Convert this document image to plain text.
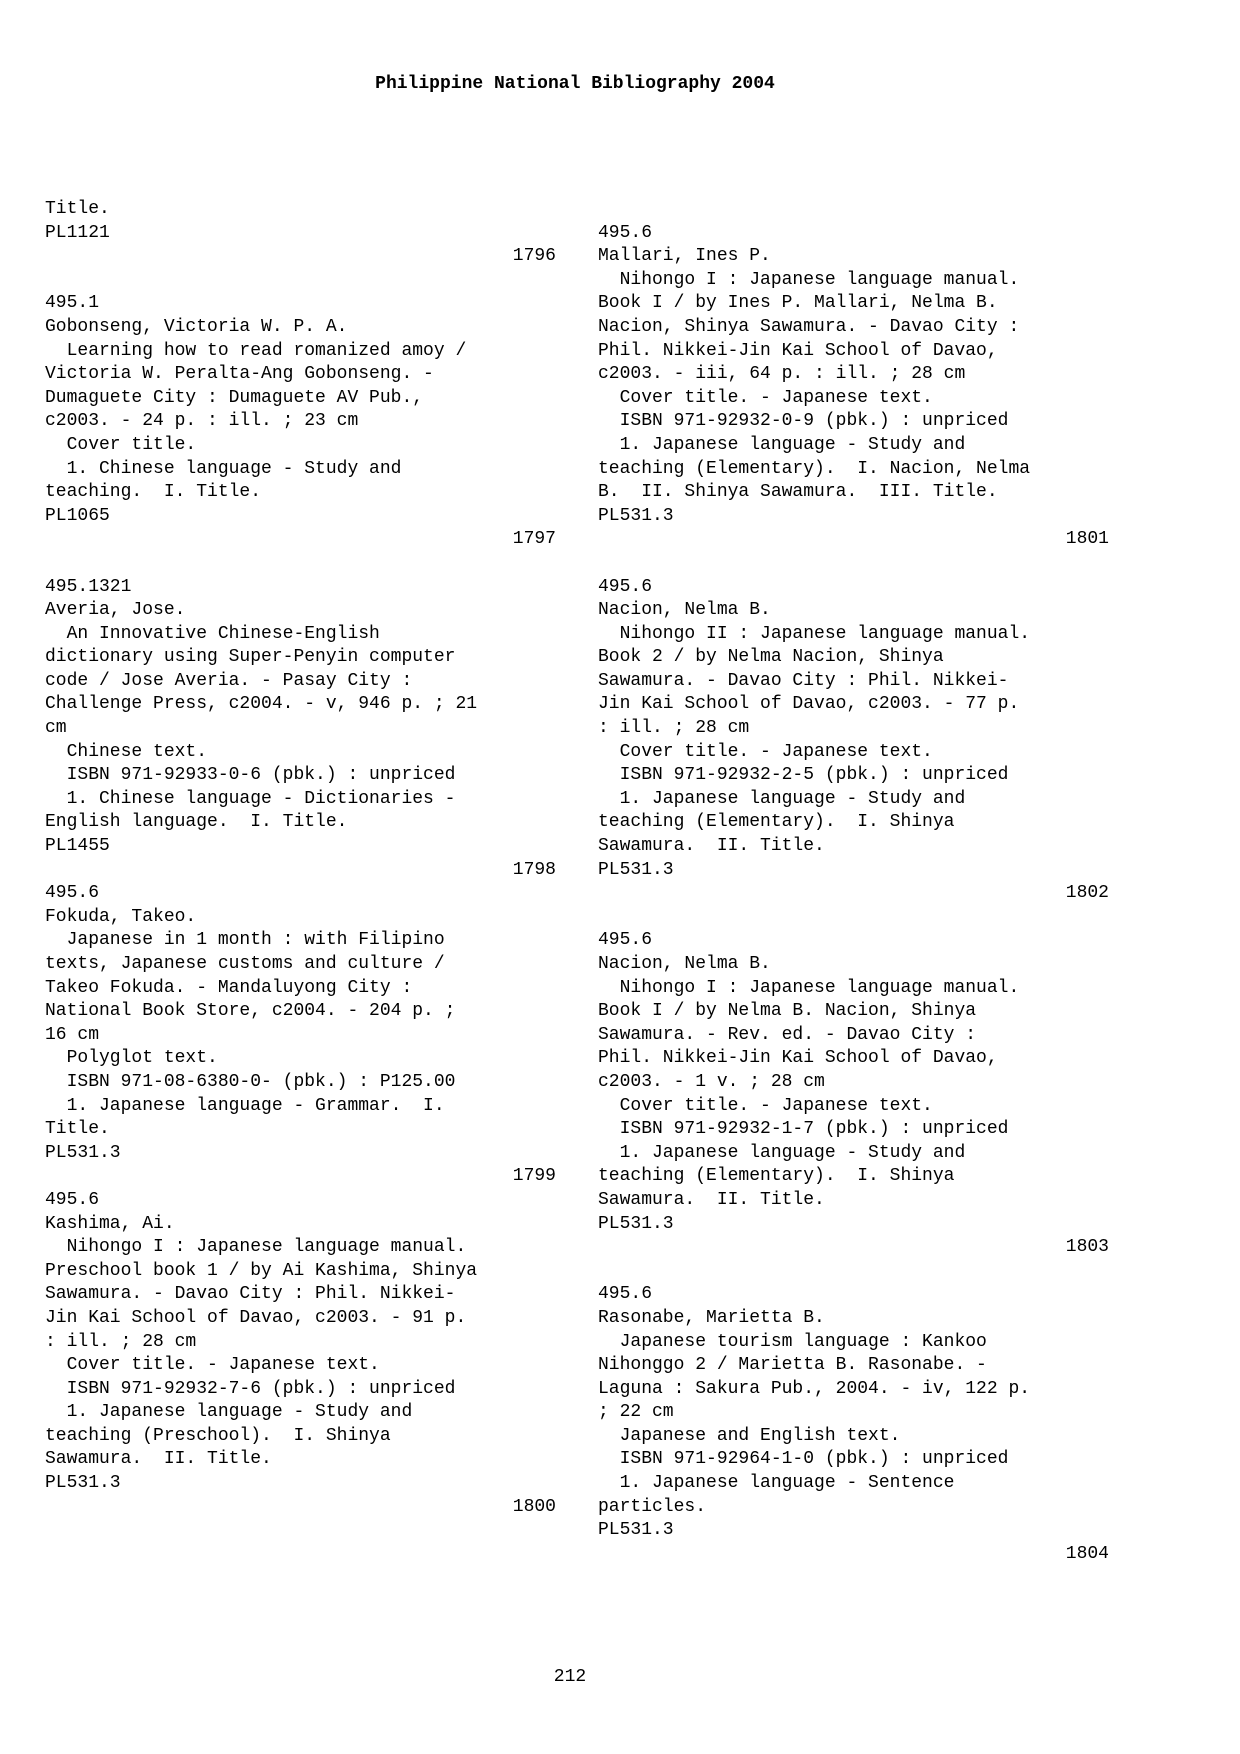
Philippine National Bibliography 2004
Title.
PL1121
1796
495.1
Gobonseng, Victoria W. P. A.
Learning how to read romanized amoy /
Victoria W. Peralta-Ang Gobonseng. -
Dumaguete City : Dumaguete AV Pub.,
c2003. - 24 p. : ill. ; 23 cm
Cover title.
1. Chinese language - Study and
teaching.  I. Title.
PL1065
1797
495.1321
Averia, Jose.
An Innovative Chinese-English
dictionary using Super-Penyin computer
code / Jose Averia. - Pasay City :
Challenge Press, c2004. - v, 946 p. ; 21
cm
Chinese text.
ISBN 971-92933-0-6 (pbk.) : unpriced
1. Chinese language - Dictionaries -
English language.  I. Title.
PL1455
1798
495.6
Fokuda, Takeo.
Japanese in 1 month : with Filipino
texts, Japanese customs and culture /
Takeo Fokuda. - Mandaluyong City :
National Book Store, c2004. - 204 p. ;
16 cm
Polyglot text.
ISBN 971-08-6380-0- (pbk.) : P125.00
1. Japanese language - Grammar.  I.
Title.
PL531.3
1799
495.6
Kashima, Ai.
Nihongo I : Japanese language manual.
Preschool book 1 / by Ai Kashima, Shinya
Sawamura. - Davao City : Phil. Nikkei-
Jin Kai School of Davao, c2003. - 91 p.
: ill. ; 28 cm
Cover title. - Japanese text.
ISBN 971-92932-7-6 (pbk.) : unpriced
1. Japanese language - Study and
teaching (Preschool).  I. Shinya
Sawamura.  II. Title.
PL531.3
1800
495.6
Mallari, Ines P.
Nihongo I : Japanese language manual.
Book I / by Ines P. Mallari, Nelma B.
Nacion, Shinya Sawamura. - Davao City :
Phil. Nikkei-Jin Kai School of Davao,
c2003. - iii, 64 p. : ill. ; 28 cm
Cover title. - Japanese text.
ISBN 971-92932-0-9 (pbk.) : unpriced
1. Japanese language - Study and
teaching (Elementary).  I. Nacion, Nelma
B.  II. Shinya Sawamura.  III. Title.
PL531.3
1801
495.6
Nacion, Nelma B.
Nihongo II : Japanese language manual.
Book 2 / by Nelma Nacion, Shinya
Sawamura. - Davao City : Phil. Nikkei-
Jin Kai School of Davao, c2003. - 77 p.
: ill. ; 28 cm
Cover title. - Japanese text.
ISBN 971-92932-2-5 (pbk.) : unpriced
1. Japanese language - Study and
teaching (Elementary).  I. Shinya
Sawamura.  II. Title.
PL531.3
1802
495.6
Nacion, Nelma B.
Nihongo I : Japanese language manual.
Book I / by Nelma B. Nacion, Shinya
Sawamura. - Rev. ed. - Davao City :
Phil. Nikkei-Jin Kai School of Davao,
c2003. - 1 v. ; 28 cm
Cover title. - Japanese text.
ISBN 971-92932-1-7 (pbk.) : unpriced
1. Japanese language - Study and
teaching (Elementary).  I. Shinya
Sawamura.  II. Title.
PL531.3
1803
495.6
Rasonabe, Marietta B.
Japanese tourism language : Kankoo
Nihonggo 2 / Marietta B. Rasonabe. -
Laguna : Sakura Pub., 2004. - iv, 122 p.
; 22 cm
Japanese and English text.
ISBN 971-92964-1-0 (pbk.) : unpriced
1. Japanese language - Sentence
particles.
PL531.3
1804
212
